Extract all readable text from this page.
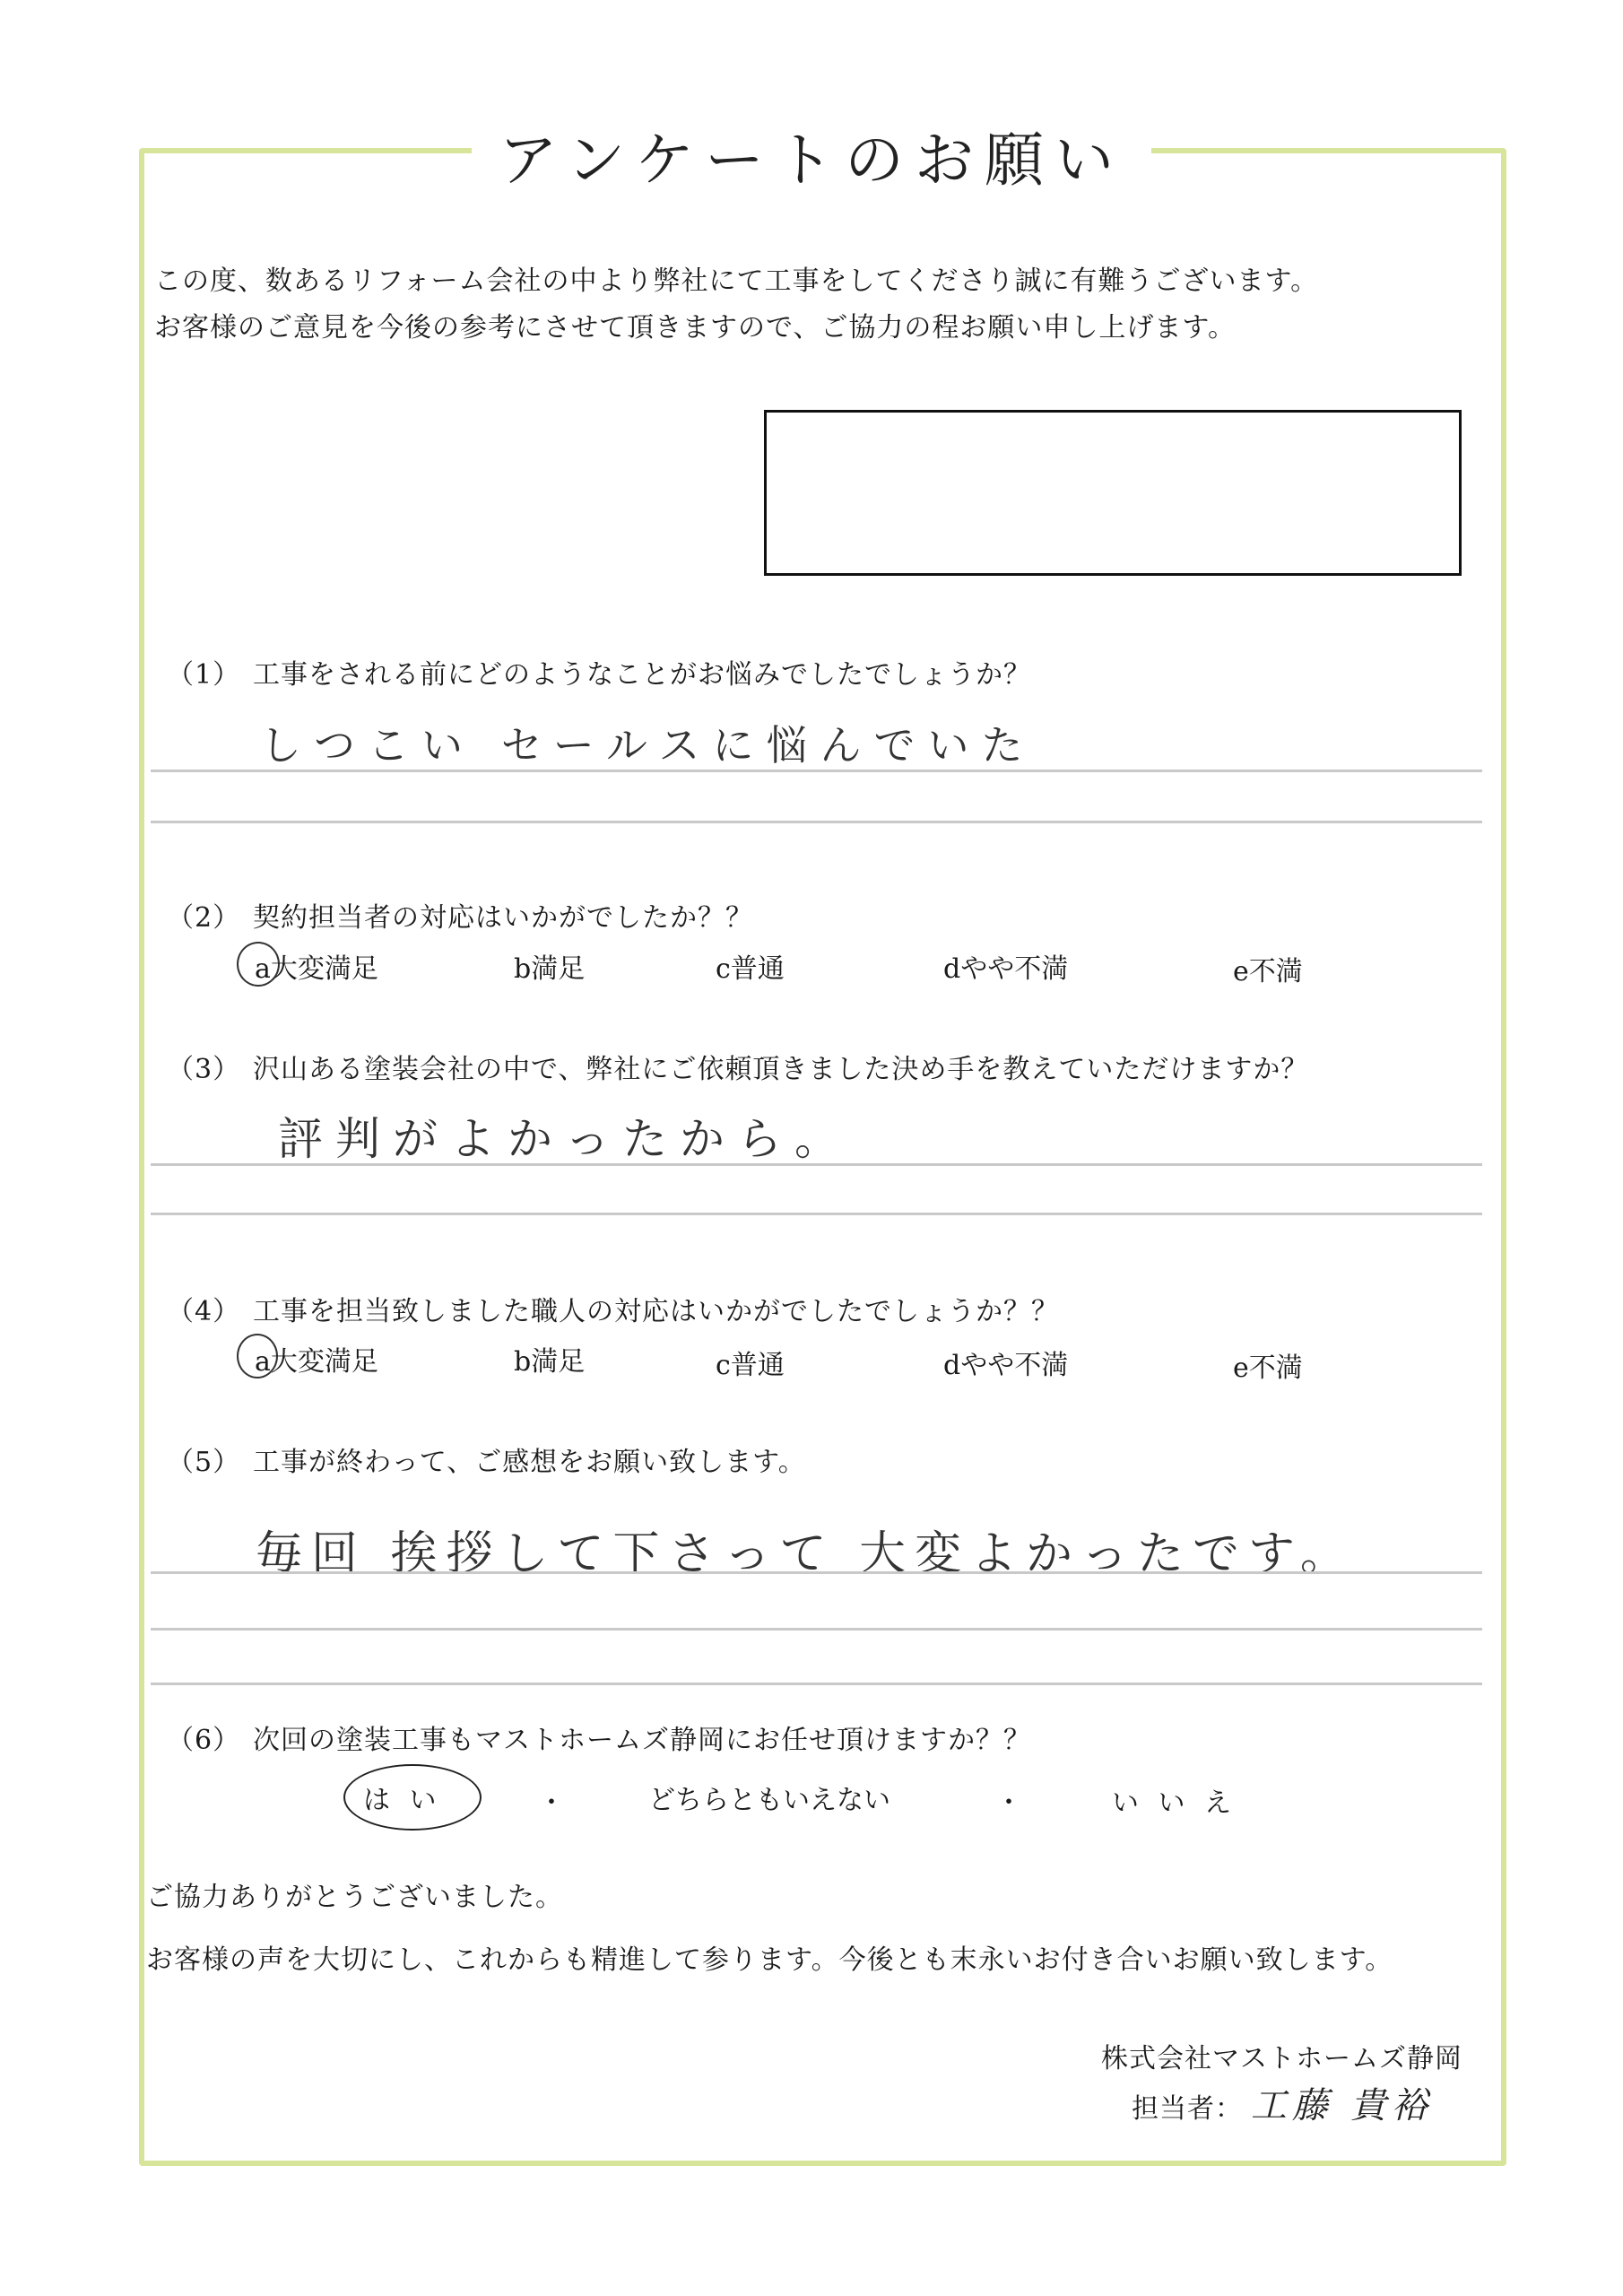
アンケートのお願い
この度、数あるリフォーム会社の中より弊社にて工事をしてくださり誠に有難うございます。
お客様のご意見を今後の参考にさせて頂きますので、ご協力の程お願い申し上げます。
（1） 工事をされる前にどのようなことがお悩みでしたでしょうか？
しつこい セールスに悩んでいた
（2） 契約担当者の対応はいかがでしたか？？
a大変満足	b満足	c普通	dやや不満	e不満
（3） 沢山ある塗装会社の中で、弊社にご依頼頂きました決め手を教えていただけますか？
評判がよかったから。
（4） 工事を担当致しました職人の対応はいかがでしたでしょうか？？
a大変満足	b満足	c普通	dやや不満	e不満
（5） 工事が終わって、ご感想をお願い致します。
毎回 挨拶して下さって 大変よかったです。
（6） 次回の塗装工事もマストホームズ静岡にお任せ頂けますか？？
は い	・	どちらともいえない	・	い い え
ご協力ありがとうございました。
お客様の声を大切にし、これからも精進して参ります。今後とも末永いお付き合いお願い致します。
株式会社マストホームズ静岡
担当者： 工藤 貴裕
